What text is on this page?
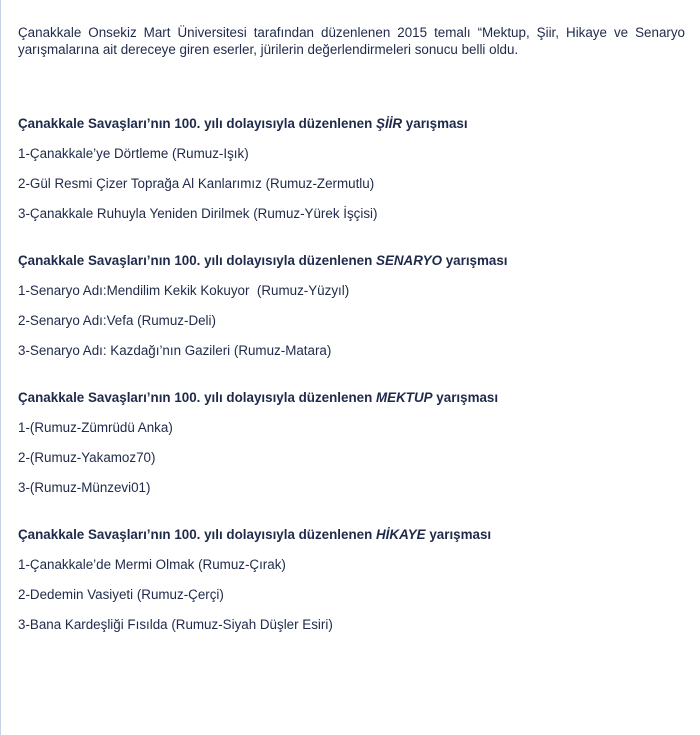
Çanakkale Onsekiz Mart Üniversitesi tarafından düzenlenen 2015 temalı “Mektup, Şiir, Hikaye ve Senaryo yarışmalarına ait dereceye giren eserler, jürilerin değerlendirmeleri sonucu belli oldu.

Çanakkale Savaşları’nın 100. yılı dolayısıyla düzenlenen ŞİİR yarışması

1-Çanakkale’ye Dörtleme (Rumuz-Işık)
2-Gül Resmi Çizer Toprağa Al Kanlarımız (Rumuz-Zermutlu)
3-Çanakkale Ruhuyla Yeniden Dirilmek (Rumuz-Yürek İşçisi)

Çanakkale Savaşları’nın 100. yılı dolayısıyla düzenlenen SENARYO yarışması

1-Senaryo Adı:Mendilim Kekik Kokuyor  (Rumuz-Yüzyıl)
2-Senaryo Adı:Vefa (Rumuz-Deli)
3-Senaryo Adı: Kazdağı’nın Gazileri (Rumuz-Matara)

Çanakkale Savaşları’nın 100. yılı dolayısıyla düzenlenen MEKTUP yarışması

1-(Rumuz-Zümrüdü Anka)
2-(Rumuz-Yakamoz70)
3-(Rumuz-Münzevi01)

Çanakkale Savaşları’nın 100. yılı dolayısıyla düzenlenen HİKAYE yarışması

1-Çanakkale’de Mermi Olmak (Rumuz-Çırak)
2-Dedemin Vasiyeti (Rumuz-Çerçi)
3-Bana Kardeşliği Fısılda (Rumuz-Siyah Düşler Esiri)
